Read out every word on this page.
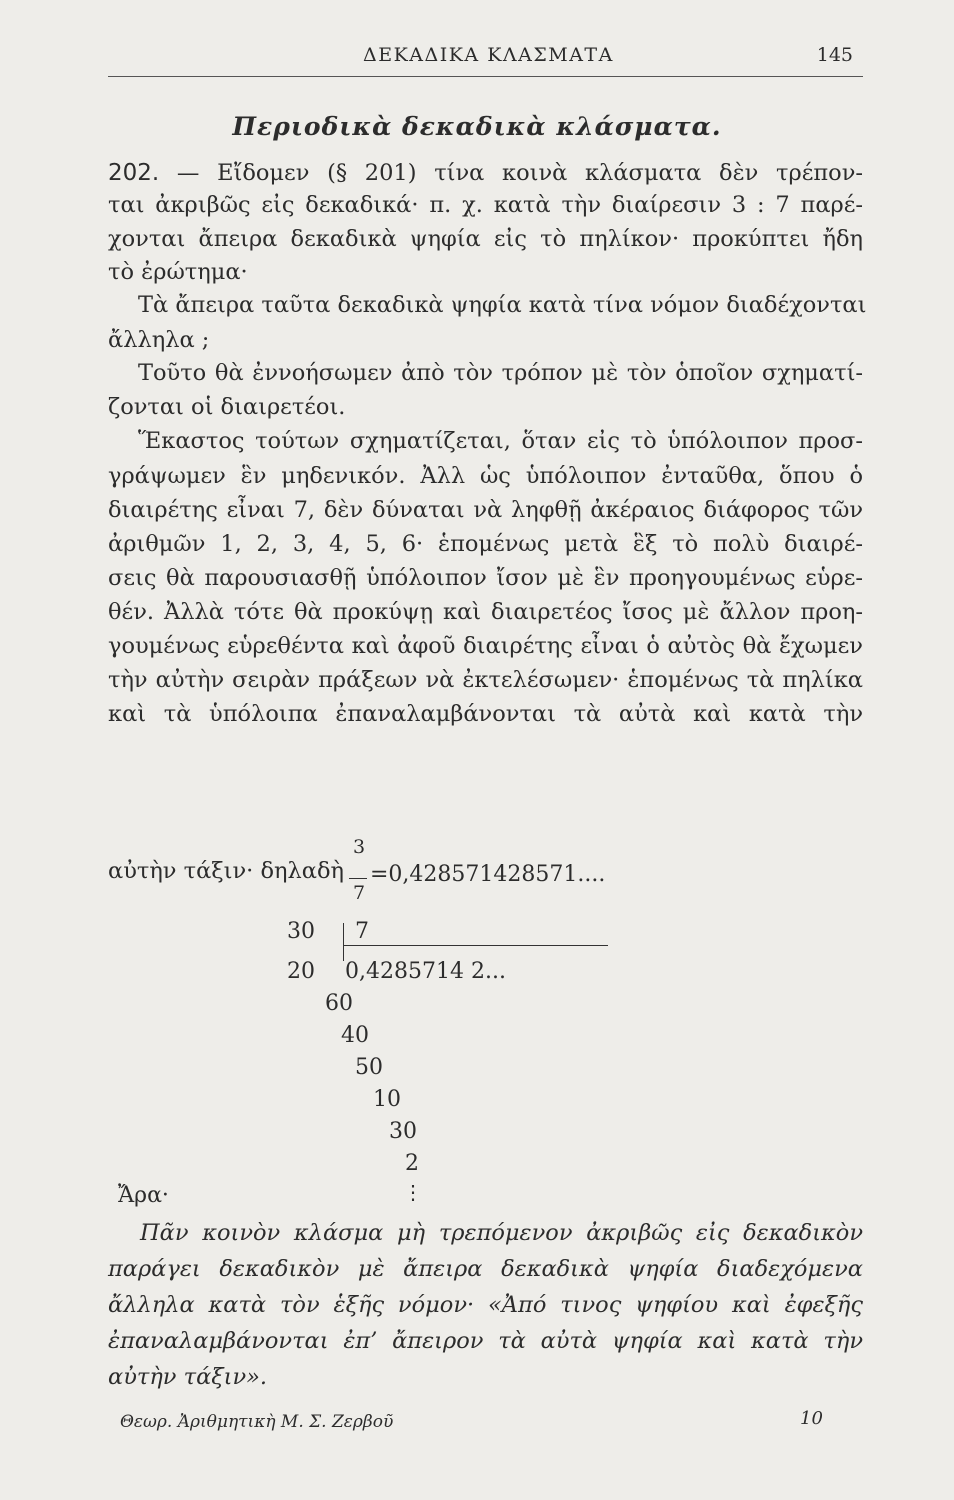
ΔΕΚΑΔΙΚΑ ΚΛΑΣΜΑΤΑ	145
Περιοδικὰ δεκαδικὰ κλάσματα.
202. — Εἴδομεν (§ 201) τίνα κοινὰ κλάσματα δὲν τρέπον-
ται ἀκριβῶς εἰς δεκαδικά· π. χ. κατὰ τὴν διαίρεσιν 3 : 7 παρέ-
χονται ἄπειρα δεκαδικὰ ψηφία εἰς τὸ πηλίκον· προκύπτει ἤδη
τὸ ἐρώτημα·
Τὰ ἄπειρα ταῦτα δεκαδικὰ ψηφία κατὰ τίνα νόμον διαδέχονται
ἄλληλα ;
Τοῦτο θὰ ἐννοήσωμεν ἀπὸ τὸν τρόπον μὲ τὸν ὁποῖον σχηματί-
ζονται οἱ διαιρετέοι.
Ἕκαστος τούτων σχηματίζεται, ὅταν εἰς τὸ ὑπόλοιπον προσ-
γράψωμεν ἓν μηδενικόν. Ἀλλ ὡς ὑπόλοιπον ἐνταῦθα, ὅπου ὁ
διαιρέτης εἶναι 7, δὲν δύναται νὰ ληφθῇ ἀκέραιος διάφορος τῶν
ἀριθμῶν 1, 2, 3, 4, 5, 6· ἑπομένως μετὰ ἓξ τὸ πολὺ διαιρέ-
σεις θὰ παρουσιασθῇ ὑπόλοιπον ἴσον μὲ ἓν προηγουμένως εὑρε-
θέν. Ἀλλὰ τότε θὰ προκύψῃ καὶ διαιρετέος ἴσος μὲ ἄλλον προη-
γουμένως εὑρεθέντα καὶ ἀφοῦ διαιρέτης εἶναι ὁ αὐτὸς θὰ ἔχωμεν
τὴν αὐτὴν σειρὰν πράξεων νὰ ἐκτελέσωμεν· ἑπομένως τὰ πηλίκα
καὶ τὰ ὑπόλοιπα ἐπαναλαμβάνονται τὰ αὐτὰ καὶ κατὰ τὴν
αὐτὴν τάξιν· δηλαδὴ
3
7
=0,428571428571....
30 7
20 0,4285714 2...
60
40
50
10
30
2
⋮
Ἄρα·
Πᾶν κοινὸν κλάσμα μὴ τρεπόμενον ἀκριβῶς εἰς δεκαδικὸν
παράγει δεκαδικὸν μὲ ἄπειρα δεκαδικὰ ψηφία διαδεχόμενα
ἄλληλα κατὰ τὸν ἑξῆς νόμον· «Ἀπό τινος ψηφίου καὶ ἐφεξῆς
ἐπαναλαμβάνονται ἐπ’ ἄπειρον τὰ αὐτὰ ψηφία καὶ κατὰ τὴν
αὐτὴν τάξιν».
Θεωρ. Ἀριθμητικὴ Μ. Σ. Ζερβοῦ	10
